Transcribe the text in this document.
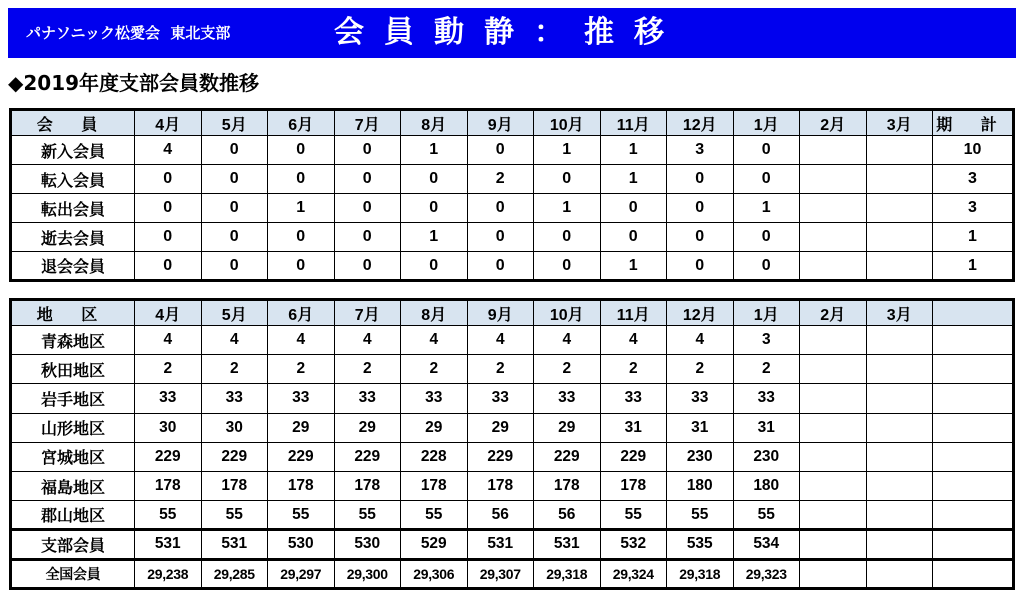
パナソニック松愛会  東北支部	会員動静：推移
◆2019年度支部会員数推移
会 員	4月	5月	6月	7月	8月	9月	10月	11月	12月	1月	2月	3月	期 計
新入会員	4	0	0	0	1	0	1	1	3	0			10
転入会員	0	0	0	0	0	2	0	1	0	0			3
転出会員	0	0	1	0	0	0	1	0	0	1			3
逝去会員	0	0	0	0	1	0	0	0	0	0			1
退会会員	0	0	0	0	0	0	0	1	0	0			1
地 区	4月	5月	6月	7月	8月	9月	10月	11月	12月	1月	2月	3月	
青森地区	4	4	4	4	4	4	4	4	4	3			
秋田地区	2	2	2	2	2	2	2	2	2	2			
岩手地区	33	33	33	33	33	33	33	33	33	33			
山形地区	30	30	29	29	29	29	29	31	31	31			
宮城地区	229	229	229	229	228	229	229	229	230	230			
福島地区	178	178	178	178	178	178	178	178	180	180			
郡山地区	55	55	55	55	55	56	56	55	55	55			
支部会員	531	531	530	530	529	531	531	532	535	534			
全国会員	29,238	29,285	29,297	29,300	29,306	29,307	29,318	29,324	29,318	29,323			
